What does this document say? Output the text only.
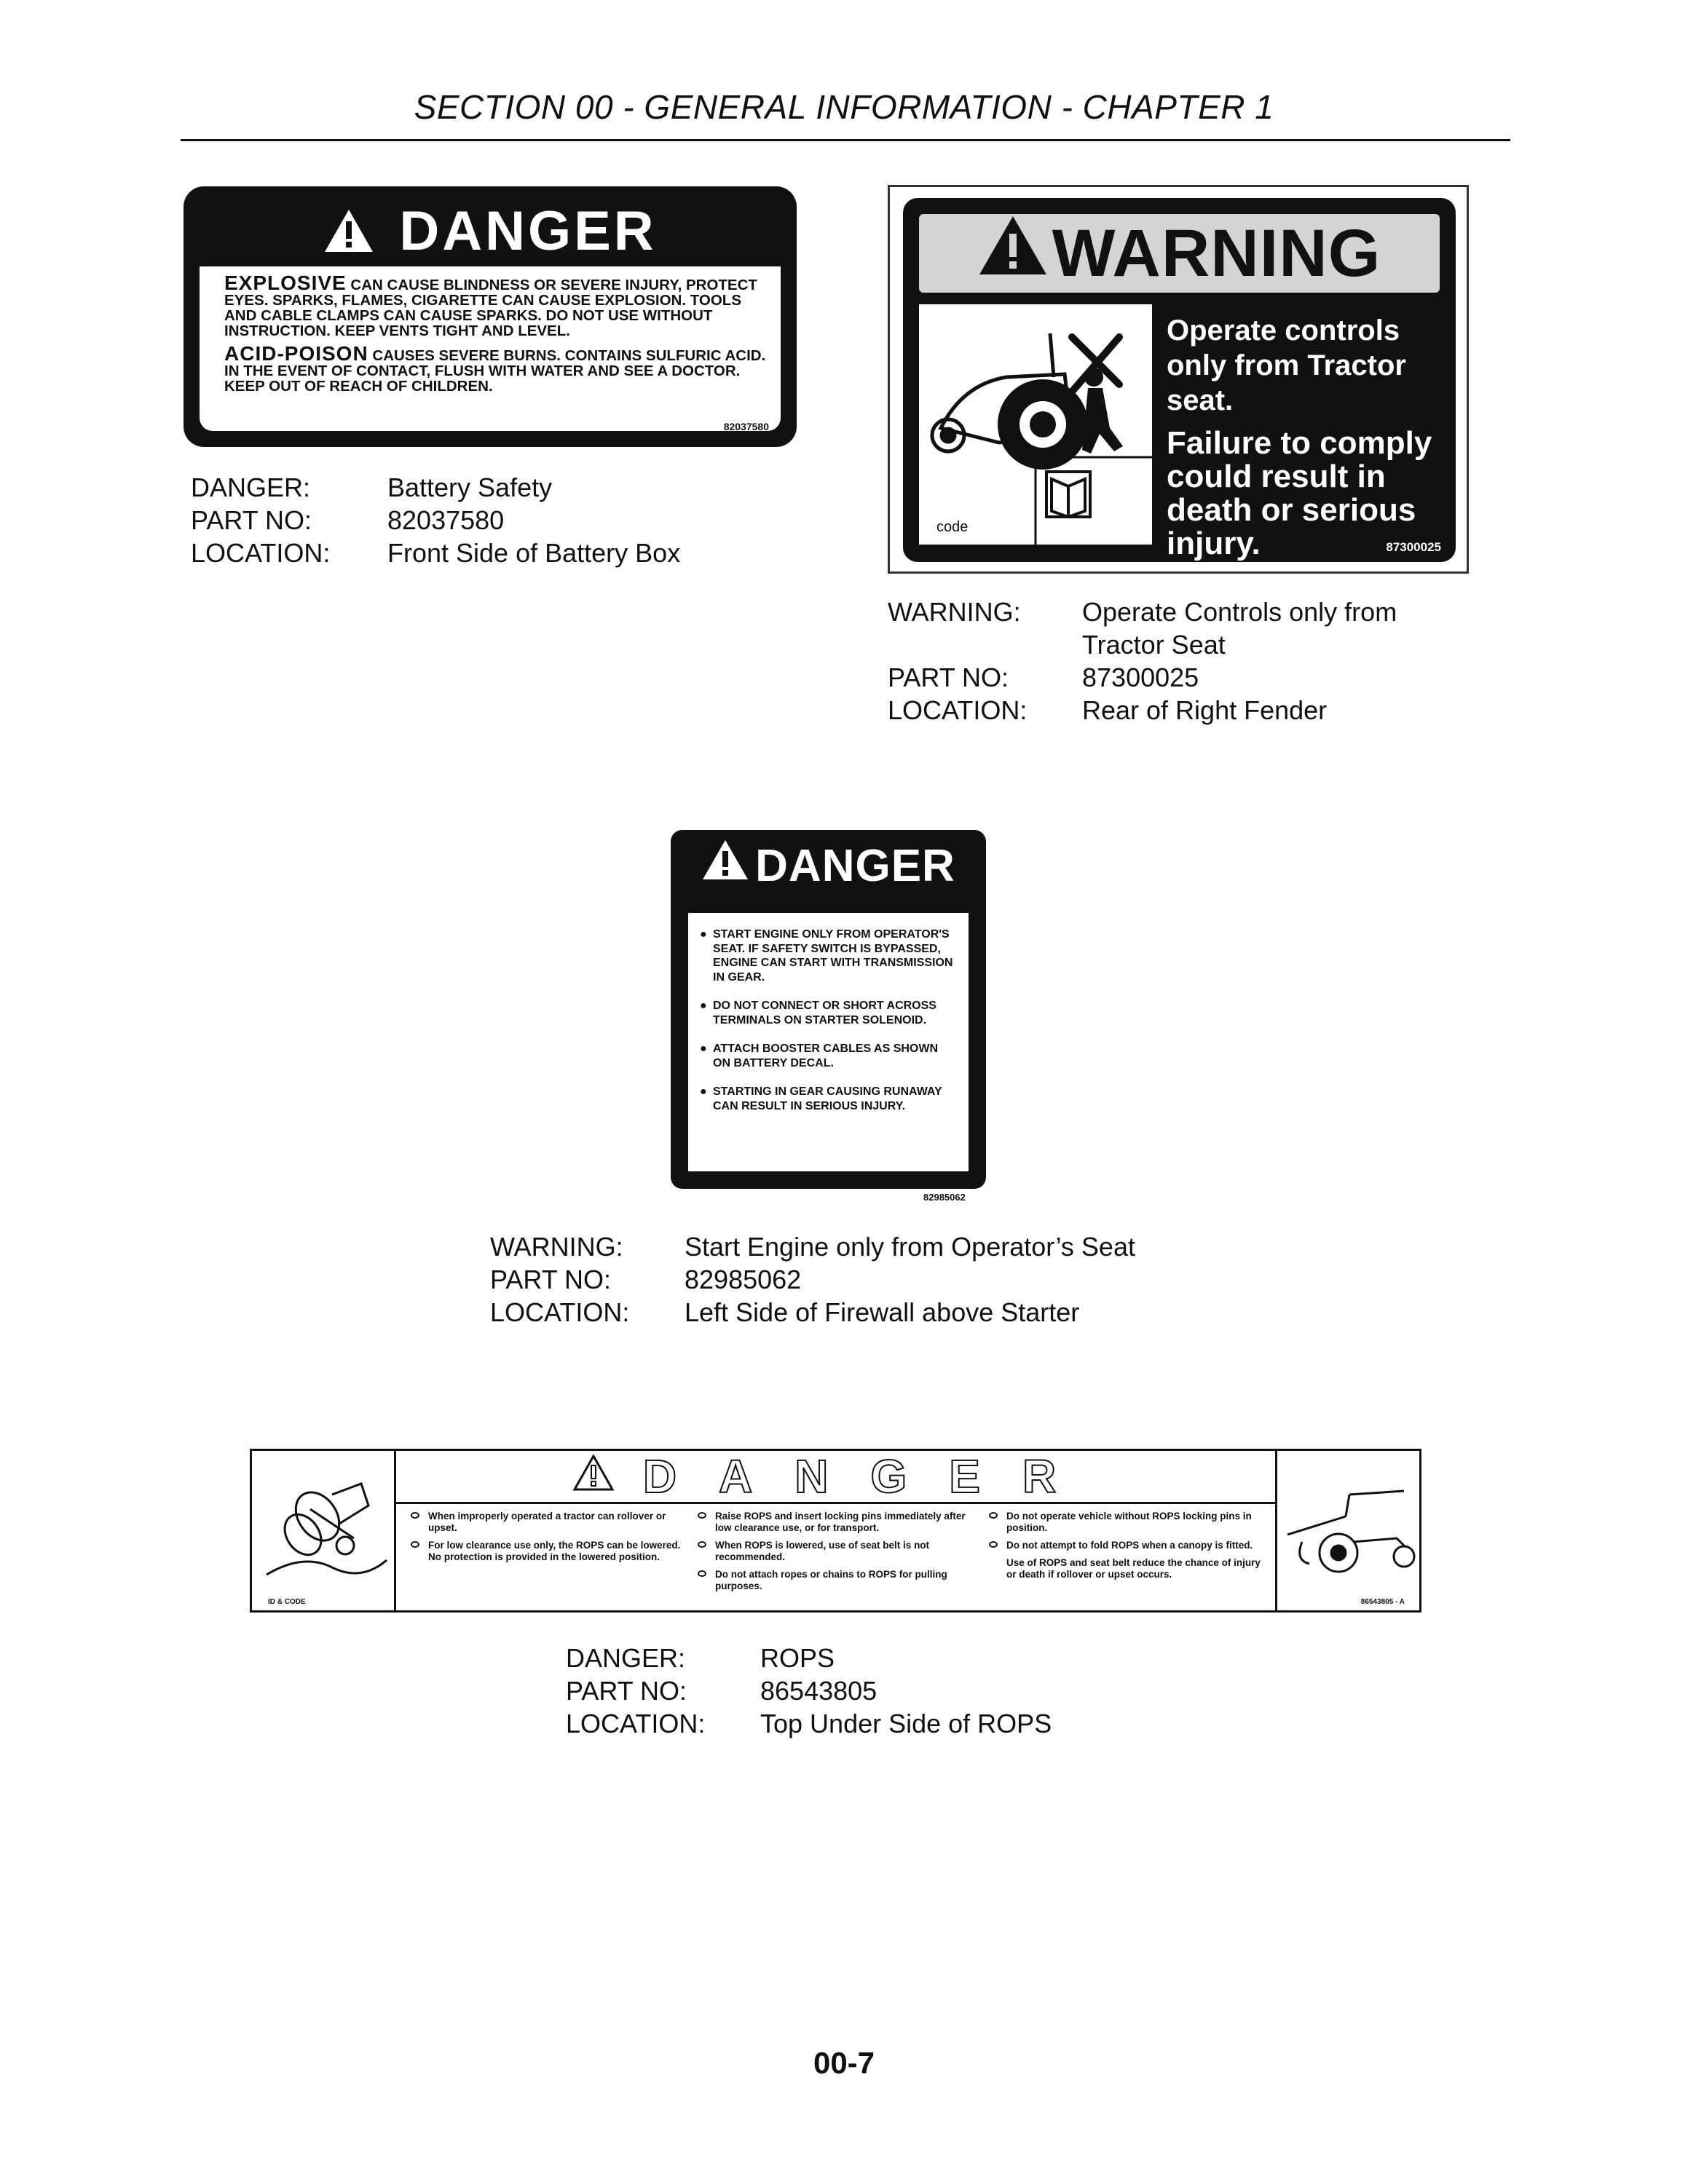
SECTION 00 - GENERAL INFORMATION - CHAPTER 1
DANGER

EXPLOSIVE CAN CAUSE BLINDNESS OR SEVERE INJURY, PROTECT EYES. SPARKS, FLAMES, CIGARETTE CAN CAUSE EXPLOSION. TOOLS AND CABLE CLAMPS CAN CAUSE SPARKS. DO NOT USE WITHOUT INSTRUCTION. KEEP VENTS TIGHT AND LEVEL.

ACID-POISON CAUSES SEVERE BURNS. CONTAINS SULFURIC ACID. IN THE EVENT OF CONTACT, FLUSH WITH WATER AND SEE A DOCTOR. KEEP OUT OF REACH OF CHILDREN.

82037580
DANGER:	Battery Safety
PART NO:	82037580
LOCATION:	Front Side of Battery Box
WARNING
code
Operate controls only from Tractor seat.
Failure to comply could result in death or serious injury.	87300025
WARNING:	Operate Controls only from Tractor Seat
PART NO:	87300025
LOCATION:	Rear of Right Fender
DANGER
● START ENGINE ONLY FROM OPERATOR'S SEAT. IF SAFETY SWITCH IS BYPASSED, ENGINE CAN START WITH TRANSMISSION IN GEAR.
● DO NOT CONNECT OR SHORT ACROSS TERMINALS ON STARTER SOLENOID.
● ATTACH BOOSTER CABLES AS SHOWN ON BATTERY DECAL.
● STARTING IN GEAR CAUSING RUNAWAY CAN RESULT IN SERIOUS INJURY.
82985062
WARNING:	Start Engine only from Operator’s Seat
PART NO:	82985062
LOCATION:	Left Side of Firewall above Starter
ID & CODE
DANGER
When improperly operated a tractor can rollover or upset.
For low clearance use only, the ROPS can be lowered. No protection is provided in the lowered position.
Raise ROPS and insert locking pins immediately after low clearance use, or for transport.
When ROPS is lowered, use of seat belt is not recommended.
Do not attach ropes or chains to ROPS for pulling purposes.
Do not operate vehicle without ROPS locking pins in position.
Do not attempt to fold ROPS when a canopy is fitted.
Use of ROPS and seat belt reduce the chance of injury or death if rollover or upset occurs.
86543805 - A
DANGER:	ROPS
PART NO:	86543805
LOCATION:	Top Under Side of ROPS
00-7
